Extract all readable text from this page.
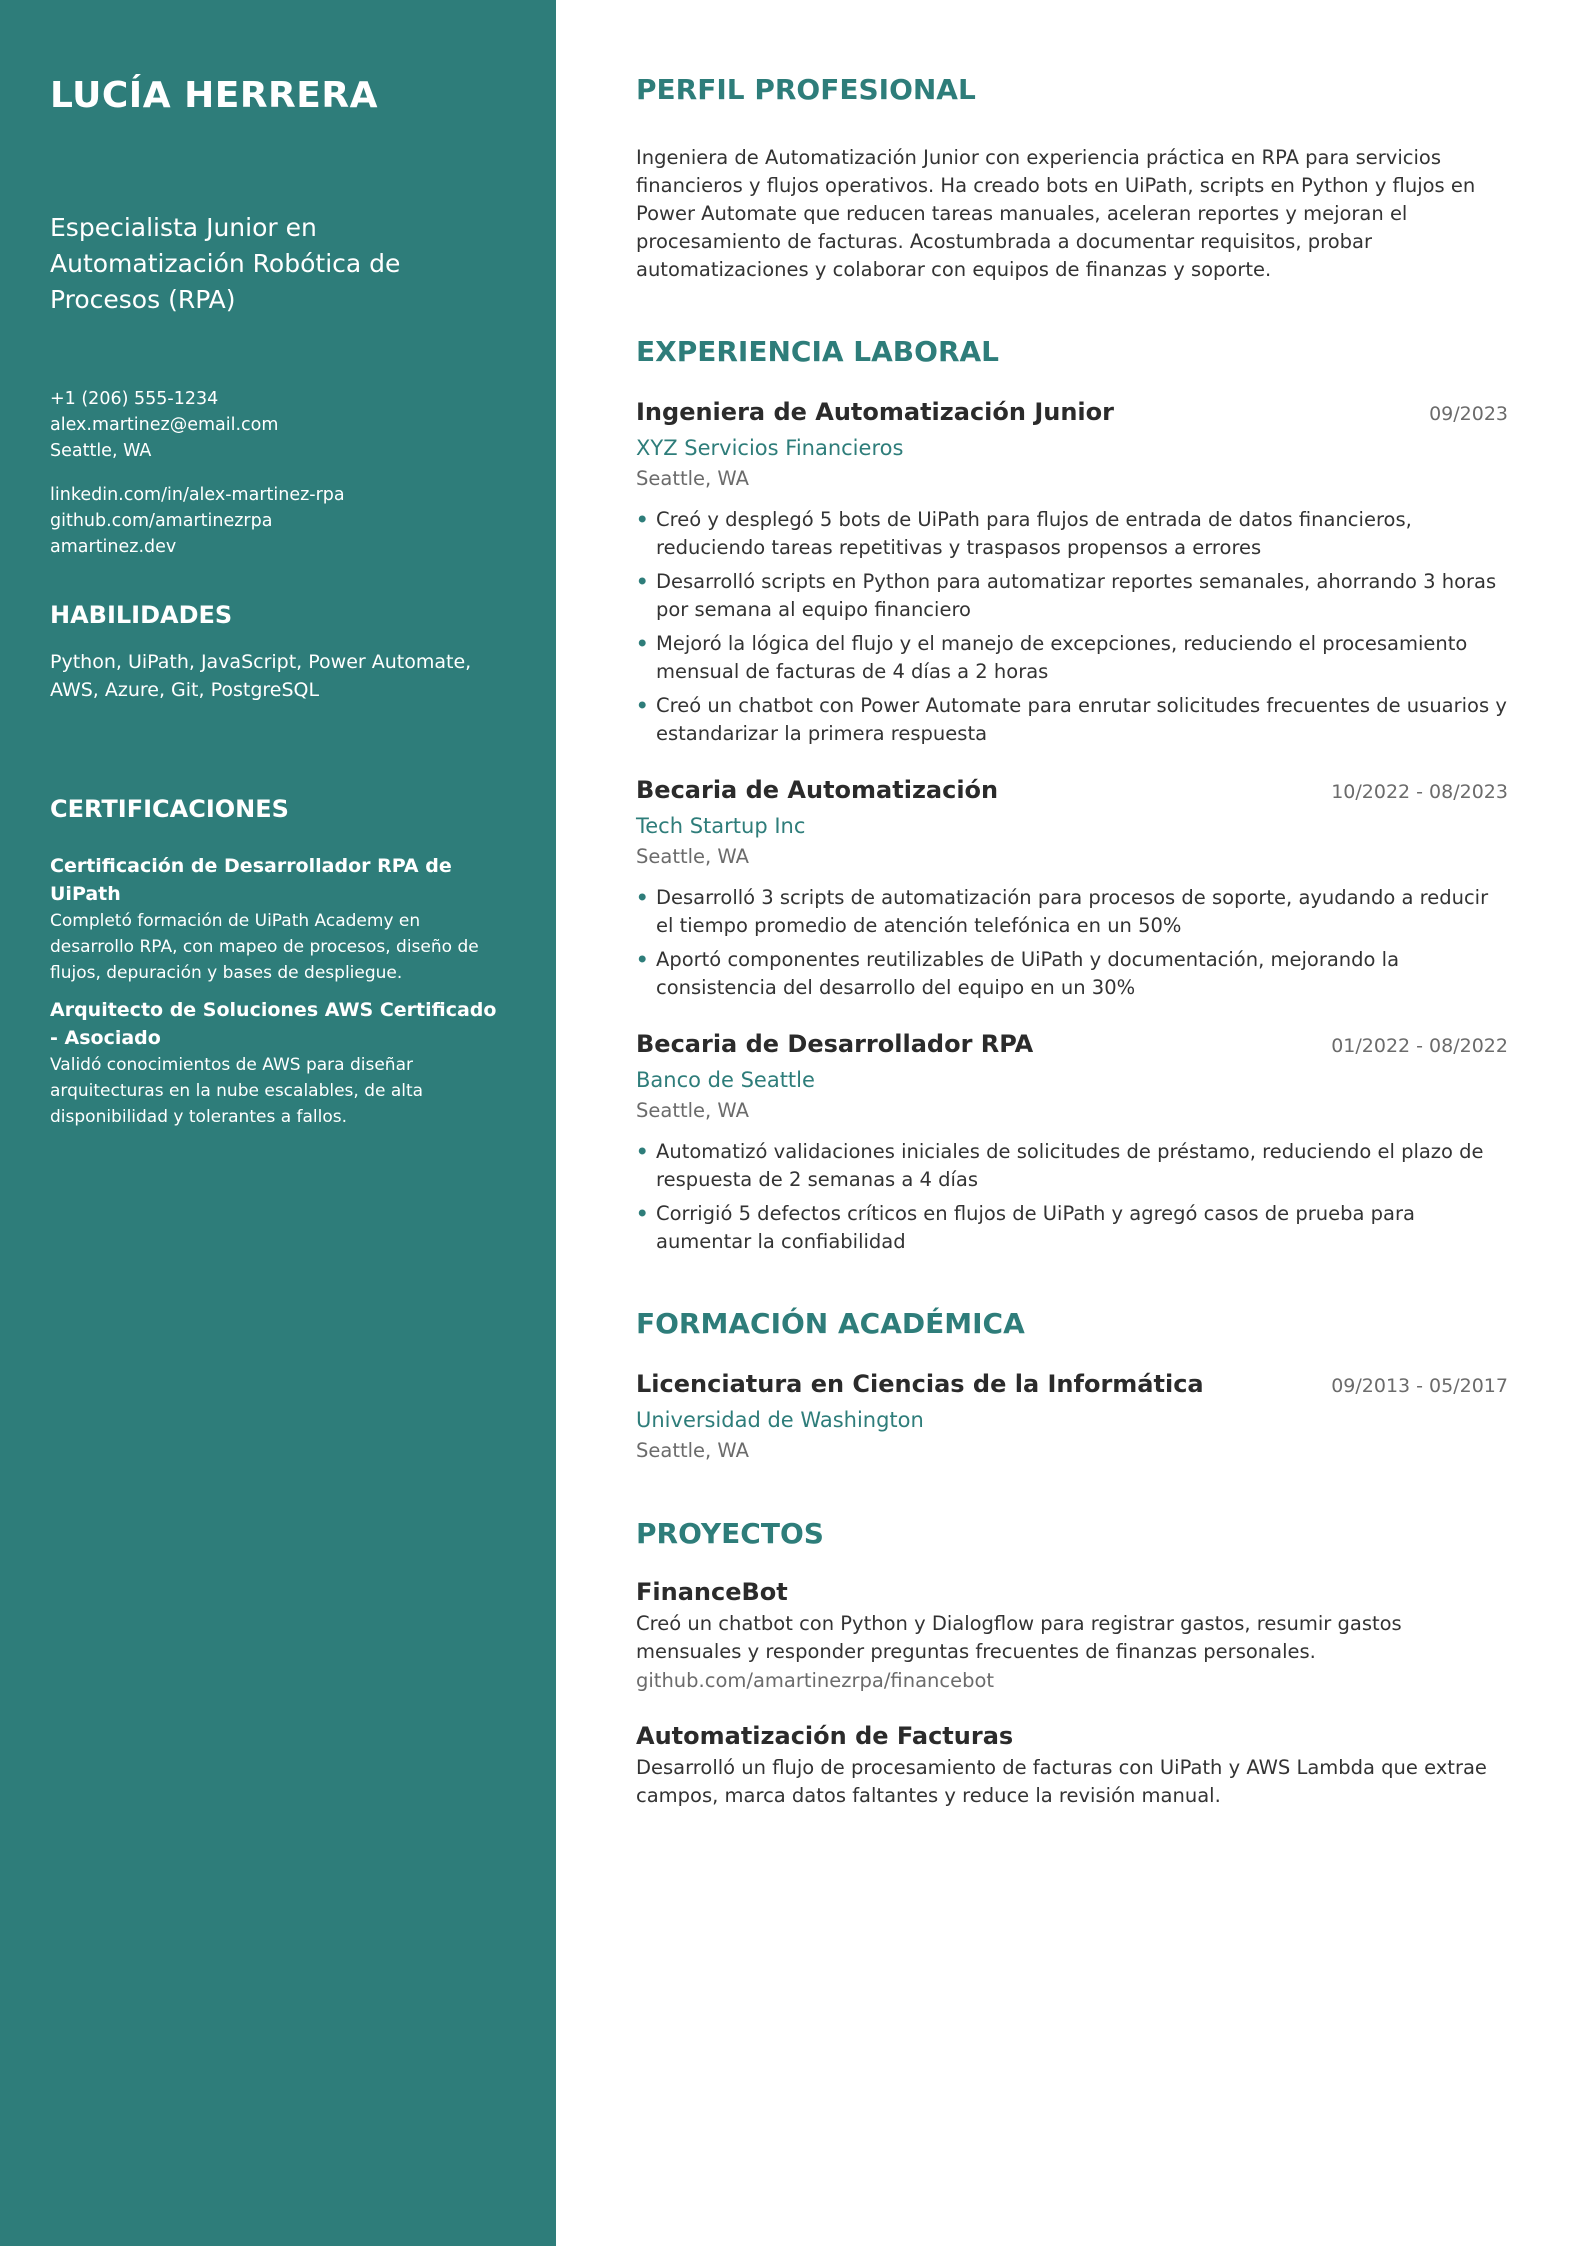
LUCÍA HERRERA
Especialista Junior en Automatización Robótica de Procesos (RPA)
+1 (206) 555-1234
alex.martinez@email.com
Seattle, WA
linkedin.com/in/alex-martinez-rpa
github.com/amartinezrpa
amartinez.dev
HABILIDADES
Python, UiPath, JavaScript, Power Automate, AWS, Azure, Git, PostgreSQL
CERTIFICACIONES
Certificación de Desarrollador RPA de UiPath
Completó formación de UiPath Academy en desarrollo RPA, con mapeo de procesos, diseño de flujos, depuración y bases de despliegue.
Arquitecto de Soluciones AWS Certificado - Asociado
Validó conocimientos de AWS para diseñar arquitecturas en la nube escalables, de alta disponibilidad y tolerantes a fallos.
PERFIL PROFESIONAL
Ingeniera de Automatización Junior con experiencia práctica en RPA para servicios financieros y flujos operativos. Ha creado bots en UiPath, scripts en Python y flujos en Power Automate que reducen tareas manuales, aceleran reportes y mejoran el procesamiento de facturas. Acostumbrada a documentar requisitos, probar automatizaciones y colaborar con equipos de finanzas y soporte.
EXPERIENCIA LABORAL
Ingeniera de Automatización Junior	09/2023
XYZ Servicios Financieros
Seattle, WA
• Creó y desplegó 5 bots de UiPath para flujos de entrada de datos financieros, reduciendo tareas repetitivas y traspasos propensos a errores
• Desarrolló scripts en Python para automatizar reportes semanales, ahorrando 3 horas por semana al equipo financiero
• Mejoró la lógica del flujo y el manejo de excepciones, reduciendo el procesamiento mensual de facturas de 4 días a 2 horas
• Creó un chatbot con Power Automate para enrutar solicitudes frecuentes de usuarios y estandarizar la primera respuesta
Becaria de Automatización	10/2022 - 08/2023
Tech Startup Inc
Seattle, WA
• Desarrolló 3 scripts de automatización para procesos de soporte, ayudando a reducir el tiempo promedio de atención telefónica en un 50%
• Aportó componentes reutilizables de UiPath y documentación, mejorando la consistencia del desarrollo del equipo en un 30%
Becaria de Desarrollador RPA	01/2022 - 08/2022
Banco de Seattle
Seattle, WA
• Automatizó validaciones iniciales de solicitudes de préstamo, reduciendo el plazo de respuesta de 2 semanas a 4 días
• Corrigió 5 defectos críticos en flujos de UiPath y agregó casos de prueba para aumentar la confiabilidad
FORMACIÓN ACADÉMICA
Licenciatura en Ciencias de la Informática	09/2013 - 05/2017
Universidad de Washington
Seattle, WA
PROYECTOS
FinanceBot
Creó un chatbot con Python y Dialogflow para registrar gastos, resumir gastos mensuales y responder preguntas frecuentes de finanzas personales.
github.com/amartinezrpa/financebot
Automatización de Facturas
Desarrolló un flujo de procesamiento de facturas con UiPath y AWS Lambda que extrae campos, marca datos faltantes y reduce la revisión manual.
